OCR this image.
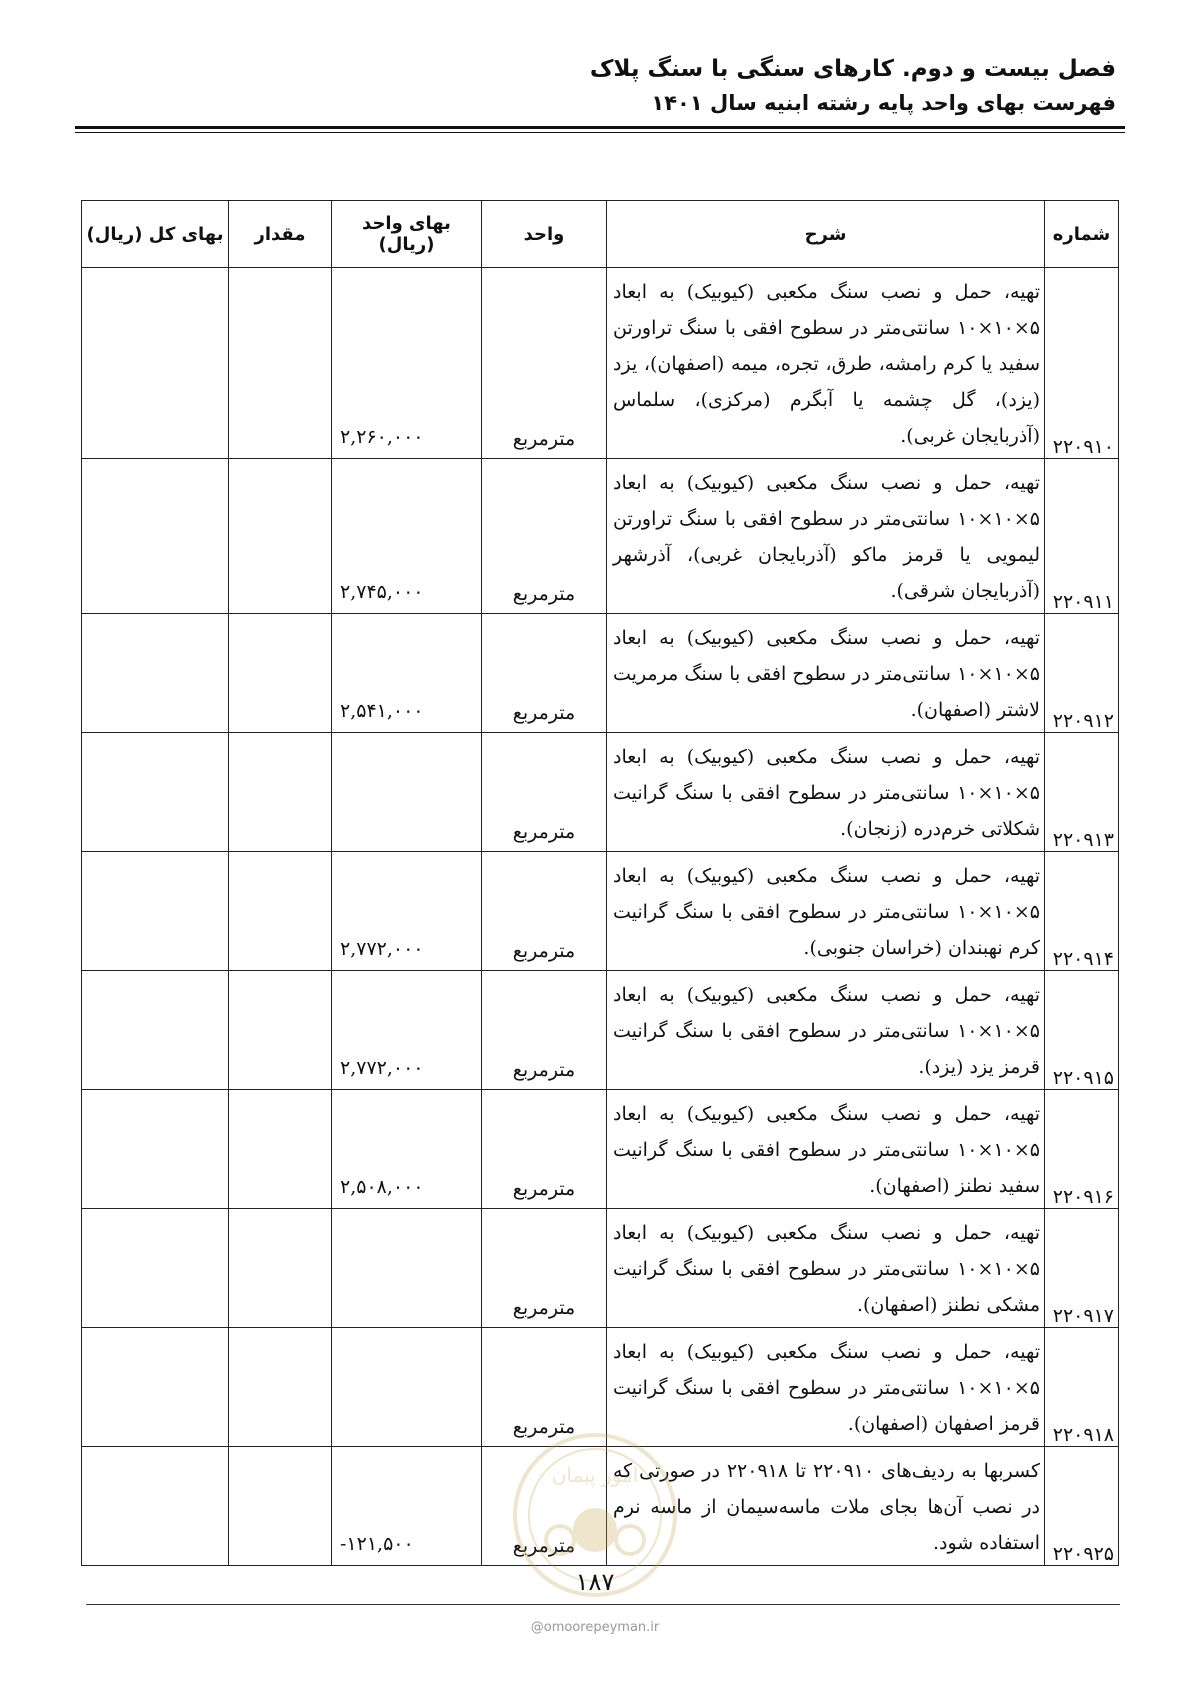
فصل بیست و دوم. کارهای سنگی با سنگ پلاک
فهرست بهای واحد پایه رشته ابنیه سال ۱۴۰۱
شماره	شرح	واحد	بهای واحد (ریال)	مقدار	بهای کل (ریال)
۲۲۰۹۱۰	تهیه، حمل و نصب سنگ مکعبی (کیوبیک) به ابعاد ۵×۱۰×۱۰ سانتی‌متر در سطوح افقی با سنگ تراورتن سفید یا کرم رامشه، طرق، تجره، میمه (اصفهان)، یزد (یزد)، گل چشمه یا آبگرم (مرکزی)، سلماس (آذربایجان غربی).	مترمربع	۲,۲۶۰,۰۰۰		
۲۲۰۹۱۱	تهیه، حمل و نصب سنگ مکعبی (کیوبیک) به ابعاد ۵×۱۰×۱۰ سانتی‌متر در سطوح افقی با سنگ تراورتن لیمویی یا قرمز ماکو (آذربایجان غربی)، آذرشهر (آذربایجان شرقی).	مترمربع	۲,۷۴۵,۰۰۰		
۲۲۰۹۱۲	تهیه، حمل و نصب سنگ مکعبی (کیوبیک) به ابعاد ۵×۱۰×۱۰ سانتی‌متر در سطوح افقی با سنگ مرمریت لاشتر (اصفهان).	مترمربع	۲,۵۴۱,۰۰۰		
۲۲۰۹۱۳	تهیه، حمل و نصب سنگ مکعبی (کیوبیک) به ابعاد ۵×۱۰×۱۰ سانتی‌متر در سطوح افقی با سنگ گرانیت شکلاتی خرم‌دره (زنجان).	مترمربع			
۲۲۰۹۱۴	تهیه، حمل و نصب سنگ مکعبی (کیوبیک) به ابعاد ۵×۱۰×۱۰ سانتی‌متر در سطوح افقی با سنگ گرانیت کرم نهبندان (خراسان جنوبی).	مترمربع	۲,۷۷۲,۰۰۰		
۲۲۰۹۱۵	تهیه، حمل و نصب سنگ مکعبی (کیوبیک) به ابعاد ۵×۱۰×۱۰ سانتی‌متر در سطوح افقی با سنگ گرانیت قرمز یزد (یزد).	مترمربع	۲,۷۷۲,۰۰۰		
۲۲۰۹۱۶	تهیه، حمل و نصب سنگ مکعبی (کیوبیک) به ابعاد ۵×۱۰×۱۰ سانتی‌متر در سطوح افقی با سنگ گرانیت سفید نطنز (اصفهان).	مترمربع	۲,۵۰۸,۰۰۰		
۲۲۰۹۱۷	تهیه، حمل و نصب سنگ مکعبی (کیوبیک) به ابعاد ۵×۱۰×۱۰ سانتی‌متر در سطوح افقی با سنگ گرانیت مشکی نطنز (اصفهان).	مترمربع			
۲۲۰۹۱۸	تهیه، حمل و نصب سنگ مکعبی (کیوبیک) به ابعاد ۵×۱۰×۱۰ سانتی‌متر در سطوح افقی با سنگ گرانیت قرمز اصفهان (اصفهان).	مترمربع			
۲۲۰۹۲۵	کسربها به ردیف‌های ۲۲۰۹۱۰ تا ۲۲۰۹۱۸ در صورتی که در نصب آن‌ها بجای ملات ماسه‌سیمان از ماسه نرم استفاده شود.	مترمربع	-۱۲۱,۵۰۰		
امور پیمان
۱۸۷
@omoorepeyman.ir
